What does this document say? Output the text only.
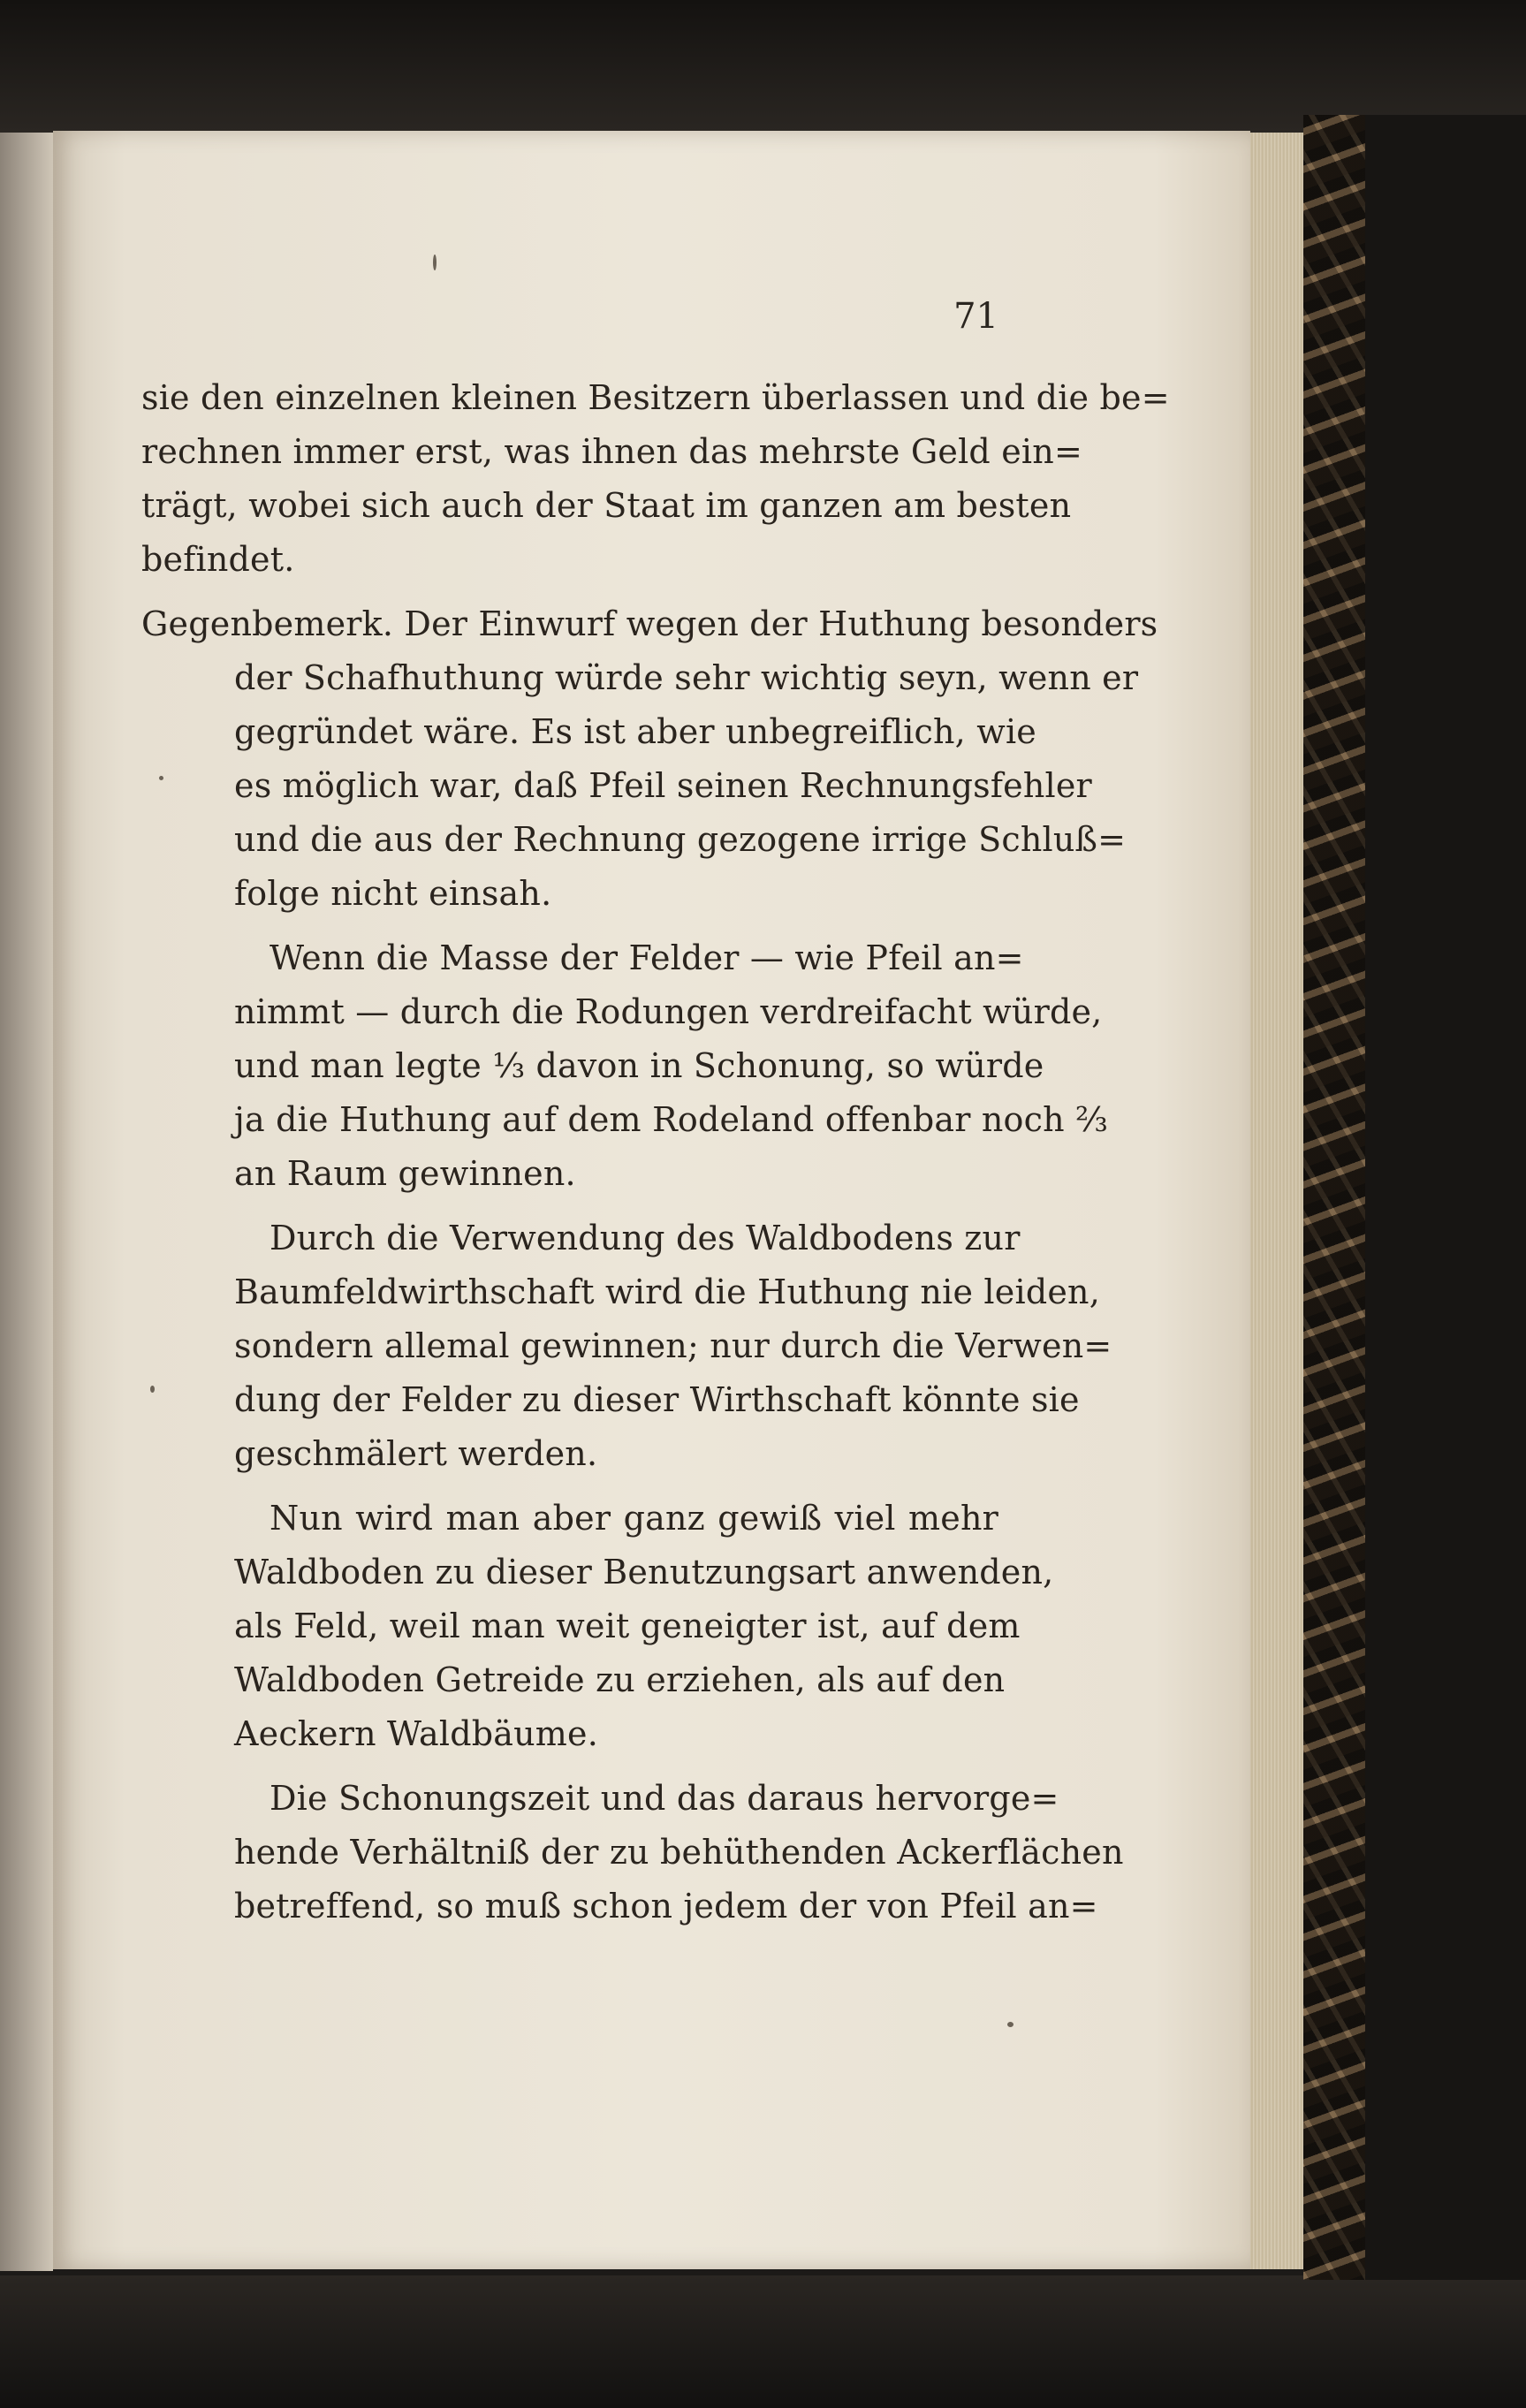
71
sie den einzelnen kleinen Besitzern überlassen und die be=
rechnen immer erst, was ihnen das mehrste Geld ein=
trägt, wobei sich auch der Staat im ganzen am besten
befindet.
Gegenbemerk. Der Einwurf wegen der Huthung besonders
der Schafhuthung würde sehr wichtig seyn, wenn er
gegründet wäre. Es ist aber unbegreiflich, wie
es möglich war, daß Pfeil seinen Rechnungsfehler
und die aus der Rechnung gezogene irrige Schluß=
folge nicht einsah.
Wenn die Masse der Felder — wie Pfeil an=
nimmt — durch die Rodungen verdreifacht würde,
und man legte ⅓ davon in Schonung, so würde
ja die Huthung auf dem Rodeland offenbar noch ⅔
an Raum gewinnen.
Durch die Verwendung des Waldbodens zur
Baumfeldwirthschaft wird die Huthung nie leiden,
sondern allemal gewinnen; nur durch die Verwen=
dung der Felder zu dieser Wirthschaft könnte sie
geschmälert werden.
Nun wird man aber ganz gewiß viel mehr
Waldboden zu dieser Benutzungsart anwenden,
als Feld, weil man weit geneigter ist, auf dem
Waldboden Getreide zu erziehen, als auf den
Aeckern Waldbäume.
Die Schonungszeit und das daraus hervorge=
hende Verhältniß der zu behüthenden Ackerflächen
betreffend, so muß schon jedem der von Pfeil an=
